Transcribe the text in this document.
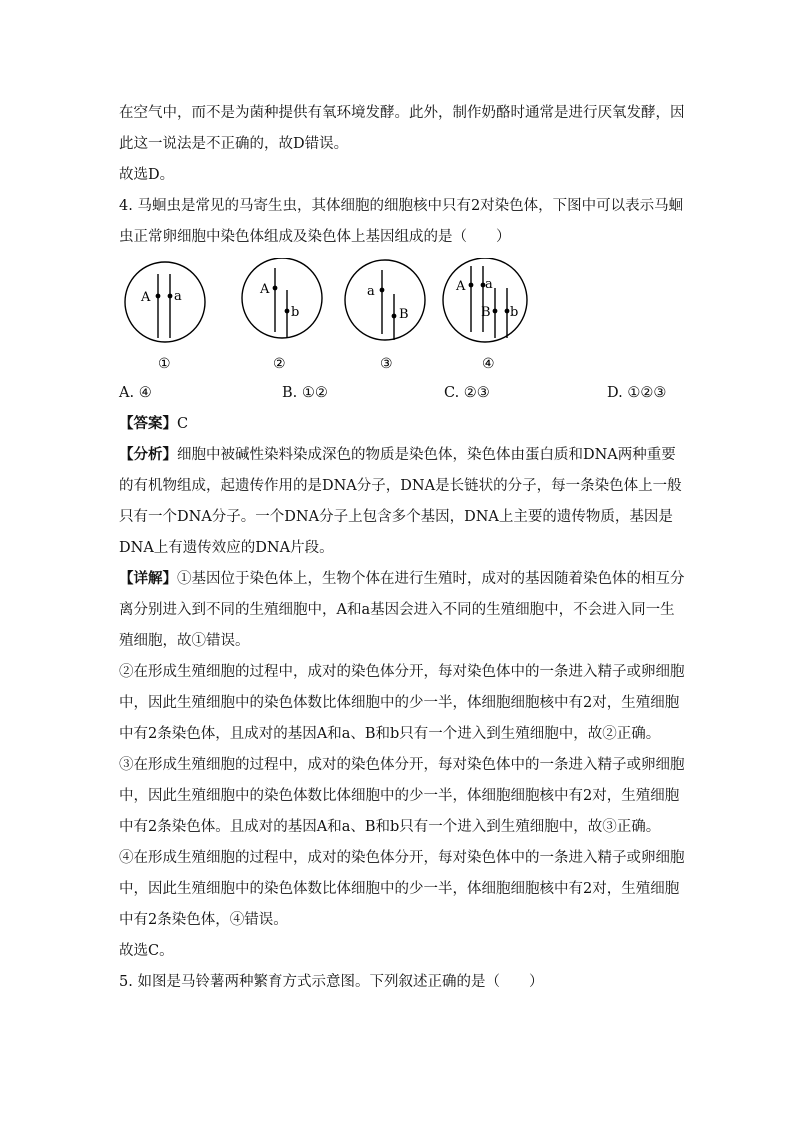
在空气中，而不是为菌种提供有氧环境发酵。此外，制作奶酪时通常是进行厌氧发酵，因
此这一说法是不正确的，故D错误。
故选D。
4. 马蛔虫是常见的马寄生虫，其体细胞的细胞核中只有2对染色体，下图中可以表示马蛔
虫正常卵细胞中染色体组成及染色体上基因组成的是（　　）
A a
①
A
b
②
a
B
③
A a
B b
④
A. ④	B. ①②	C. ②③	D. ①②③
【答案】C
【分析】细胞中被碱性染料染成深色的物质是染色体，染色体由蛋白质和DNA两种重要
的有机物组成，起遗传作用的是DNA分子，DNA是长链状的分子，每一条染色体上一般
只有一个DNA分子。一个DNA分子上包含多个基因，DNA上主要的遗传物质，基因是
DNA上有遗传效应的DNA片段。
【详解】①基因位于染色体上，生物个体在进行生殖时，成对的基因随着染色体的相互分
离分别进入到不同的生殖细胞中，A和a基因会进入不同的生殖细胞中，不会进入同一生
殖细胞，故①错误。
②在形成生殖细胞的过程中，成对的染色体分开，每对染色体中的一条进入精子或卵细胞
中，因此生殖细胞中的染色体数比体细胞中的少一半，体细胞细胞核中有2对，生殖细胞
中有2条染色体，且成对的基因A和a、B和b只有一个进入到生殖细胞中，故②正确。
③在形成生殖细胞的过程中，成对的染色体分开，每对染色体中的一条进入精子或卵细胞
中，因此生殖细胞中的染色体数比体细胞中的少一半，体细胞细胞核中有2对，生殖细胞
中有2条染色体。且成对的基因A和a、B和b只有一个进入到生殖细胞中，故③正确。
④在形成生殖细胞的过程中，成对的染色体分开，每对染色体中的一条进入精子或卵细胞
中，因此生殖细胞中的染色体数比体细胞中的少一半，体细胞细胞核中有2对，生殖细胞
中有2条染色体，④错误。
故选C。
5. 如图是马铃薯两种繁育方式示意图。下列叙述正确的是（　　）
